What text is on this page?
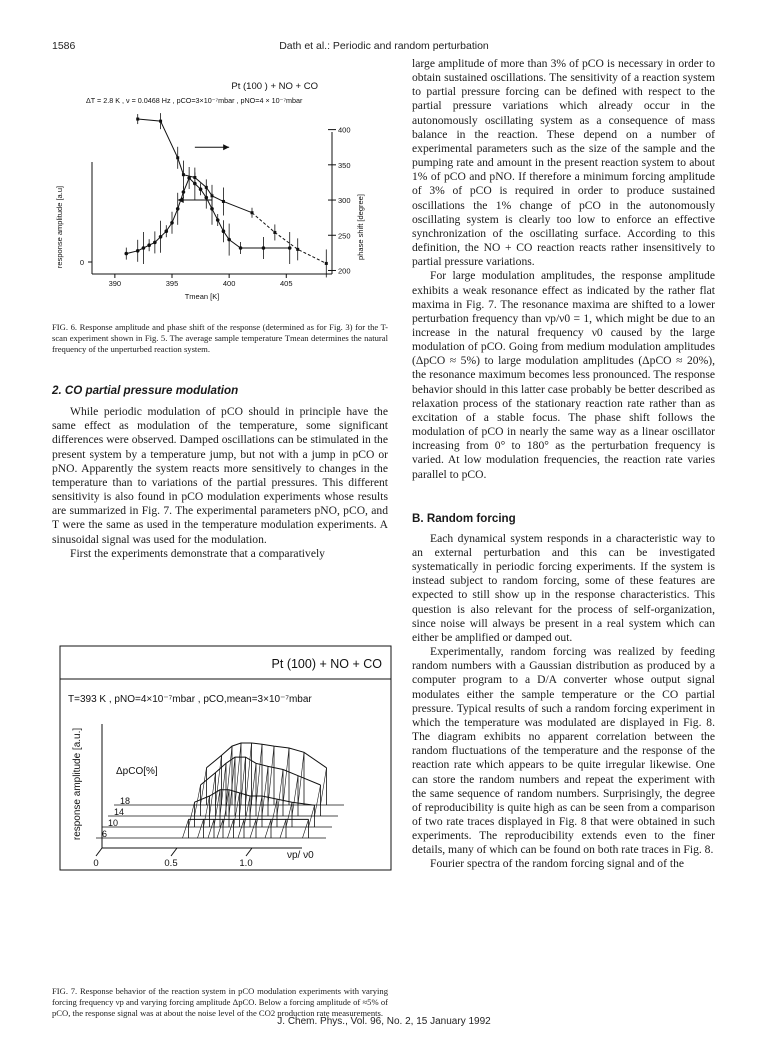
1586	Dath et al.: Periodic and random perturbation
Pt (100 ) + NO + CO
ΔT = 2.8 K , ν = 0.0468 Hz , pCO=3×10⁻⁷mbar , pNO=4 × 10⁻⁷mbar
response amplitude [a.u]	phase shift [degree]
Tmean [K]
390	395	400	405
0
200
250
300
350
400

FIG. 6. Response amplitude and phase shift of the response (determined as for Fig. 3) for the T-scan experiment shown in Fig. 5. The average sample temperature Tmean determines the natural frequency of the unperturbed reaction system.

2. CO partial pressure modulation

While periodic modulation of pCO should in principle have the same effect as modulation of the temperature, some significant differences were observed. Damped oscillations can be stimulated in the present system by a temperature jump, but not with a jump in pCO or pNO. Apparently the system reacts more sensitively to changes in the temperature than to variations of the partial pressures. This different sensitivity is also found in pCO modulation experiments whose results are summarized in Fig. 7. The experimental parameters pNO, pCO, and T were the same as used in the temperature modulation experiments. A sinusoidal signal was used for the modulation.

First the experiments demonstrate that a comparatively

Pt (100) + NO + CO
T=393 K , pNO=4×10⁻⁷mbar , pCO,mean=3×10⁻⁷mbar
response amplitude [a.u.]	ΔpCO[%]
νp/ ν0
0	0.5	1.0
6
10
14
18

FIG. 7. Response behavior of the reaction system in pCO modulation experiments with varying forcing frequency νp and varying forcing amplitude ΔpCO. Below a forcing amplitude of ≈5% of pCO, the response signal was at about the noise level of the CO2 production rate measurements.

large amplitude of more than 3% of pCO is necessary in order to obtain sustained oscillations. The sensitivity of a reaction system to partial pressure forcing can be defined with respect to the partial pressure variations which already occur in the autonomously oscillating system as a consequence of mass balance in the reaction. These depend on a number of experimental parameters such as the size of the sample and the pumping rate and amount in the present reaction system to about 1% of pCO and pNO. If therefore a minimum forcing amplitude of 3% of pCO is required in order to produce sustained oscillations the 1% change of pCO in the autonomously oscillating system is clearly too low to enforce an effective synchronization of the oscillating surface. According to this definition, the NO + CO reaction reacts rather insensitively to partial pressure variations.

For large modulation amplitudes, the response amplitude exhibits a weak resonance effect as indicated by the rather flat maxima in Fig. 7. The resonance maxima are shifted to a lower perturbation frequency than νp/ν0 = 1, which might be due to an increase in the natural frequency ν0 caused by the large modulation of pCO. Going from medium modulation amplitudes (ΔpCO ≈ 5%) to large modulation amplitudes (ΔpCO ≈ 20%), the resonance maximum becomes less pronounced. The response behavior should in this latter case probably be better described as relaxation process of the stationary reaction rate rather than as excitation of a stable focus. The phase shift follows the modulation of pCO in nearly the same way as a linear oscillator increasing from 0° to 180° as the perturbation frequency is varied. At low modulation frequencies, the reaction rate varies parallel to pCO.

B. Random forcing

Each dynamical system responds in a characteristic way to an external perturbation and this can be investigated systematically in periodic forcing experiments. If the system is instead subject to random forcing, some of these features are expected to still show up in the response characteristics. This question is also relevant for the process of self-organization, since noise will always be present in a real system which can either be amplified or damped out.

Experimentally, random forcing was realized by feeding random numbers with a Gaussian distribution as produced by a computer program to a D/A converter whose output signal modulates either the sample temperature or the CO partial pressure. Typical results of such a random forcing experiment in which the temperature was modulated are displayed in Fig. 8. The diagram exhibits no apparent correlation between the random fluctuations of the temperature and the response of the reaction rate which appears to be quite irregular likewise. One can store the random numbers and repeat the experiment with the same sequence of random numbers. Surprisingly, the degree of reproducibility is quite high as can be seen from a comparison of two rate traces displayed in Fig. 8 that were obtained in such experiments. The reproducibility extends even to the finer details, many of which can be found on both rate traces in Fig. 8.

Fourier spectra of the random forcing signal and of the

J. Chem. Phys., Vol. 96, No. 2, 15 January 1992
